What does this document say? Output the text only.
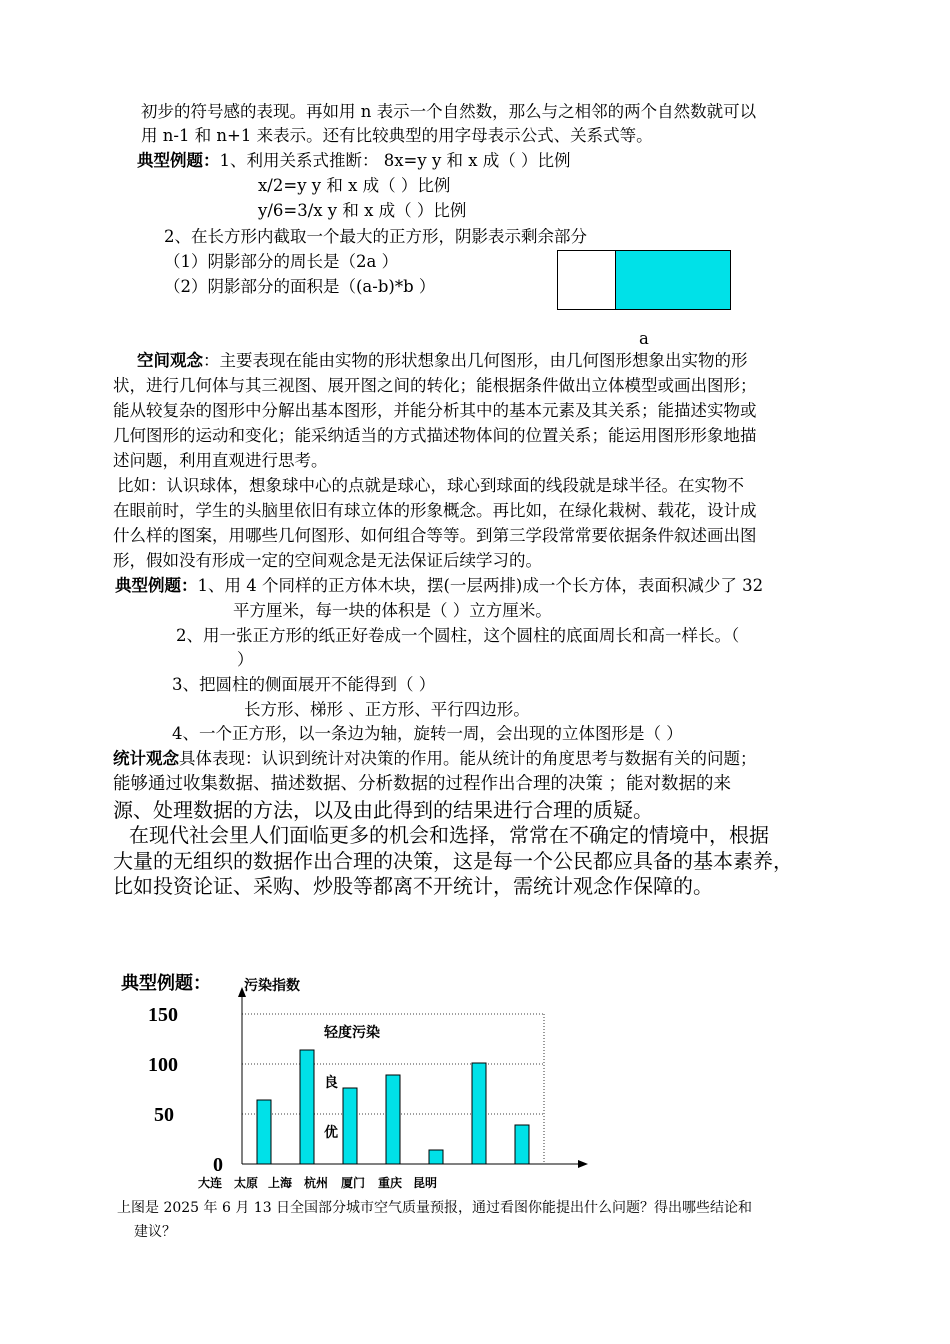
初步的符号感的表现。再如用 n 表示一个自然数，那么与之相邻的两个自然数就可以
用 n-1 和 n+1 来表示。还有比较典型的用字母表示公式、关系式等。
典型例题：1、利用关系式推断： 8x=y y 和 x 成（ ）比例
x/2=y y 和 x 成（ ）比例
y/6=3/x y 和 x 成（ ）比例
2、在长方形内截取一个最大的正方形，阴影表示剩余部分
（1）阴影部分的周长是（2a ）
（2）阴影部分的面积是（(a-b)*b ）
a
空间观念：主要表现在能由实物的形状想象出几何图形，由几何图形想象出实物的形
状，进行几何体与其三视图、展开图之间的转化；能根据条件做出立体模型或画出图形；
能从较复杂的图形中分解出基本图形，并能分析其中的基本元素及其关系；能描述实物或
几何图形的运动和变化；能采纳适当的方式描述物体间的位置关系；能运用图形形象地描
述问题，利用直观进行思考。
比如：认识球体，想象球中心的点就是球心，球心到球面的线段就是球半径。在实物不
在眼前时，学生的头脑里依旧有球立体的形象概念。再比如，在绿化栽树、载花，设计成
什么样的图案，用哪些几何图形、如何组合等等。到第三学段常常要依据条件叙述画出图
形，假如没有形成一定的空间观念是无法保证后续学习的。
典型例题：1、用 4 个同样的正方体木块，摆(一层两排)成一个长方体，表面积减少了 32
平方厘米，每一块的体积是（ ）立方厘米。
2、用一张正方形的纸正好卷成一个圆柱，这个圆柱的底面周长和高一样长。（
）
3、把圆柱的侧面展开不能得到（ ）
长方形、梯形 、正方形、平行四边形。
4、一个正方形，以一条边为轴，旋转一周，会出现的立体图形是（ ）
统计观念具体表现：认识到统计对决策的作用。能从统计的角度思考与数据有关的问题；
能够通过收集数据、描述数据、分析数据的过程作出合理的决策 ；能对数据的来
源、处理数据的方法，以及由此得到的结果进行合理的质疑。
在现代社会里人们面临更多的机会和选择，常常在不确定的情境中，根据
大量的无组织的数据作出合理的决策，这是每一个公民都应具备的基本素养，
比如投资论证、采购、炒股等都离不开统计，需统计观念作保障的。
典型例题： 污染指数
轻度污染
良
优
150
100
50
0
大连 太原 上海 杭州 厦门 重庆 昆明
上图是 2025 年 6 月 13 日全国部分城市空气质量预报，通过看图你能提出什么问题？得出哪些结论和
建议？
